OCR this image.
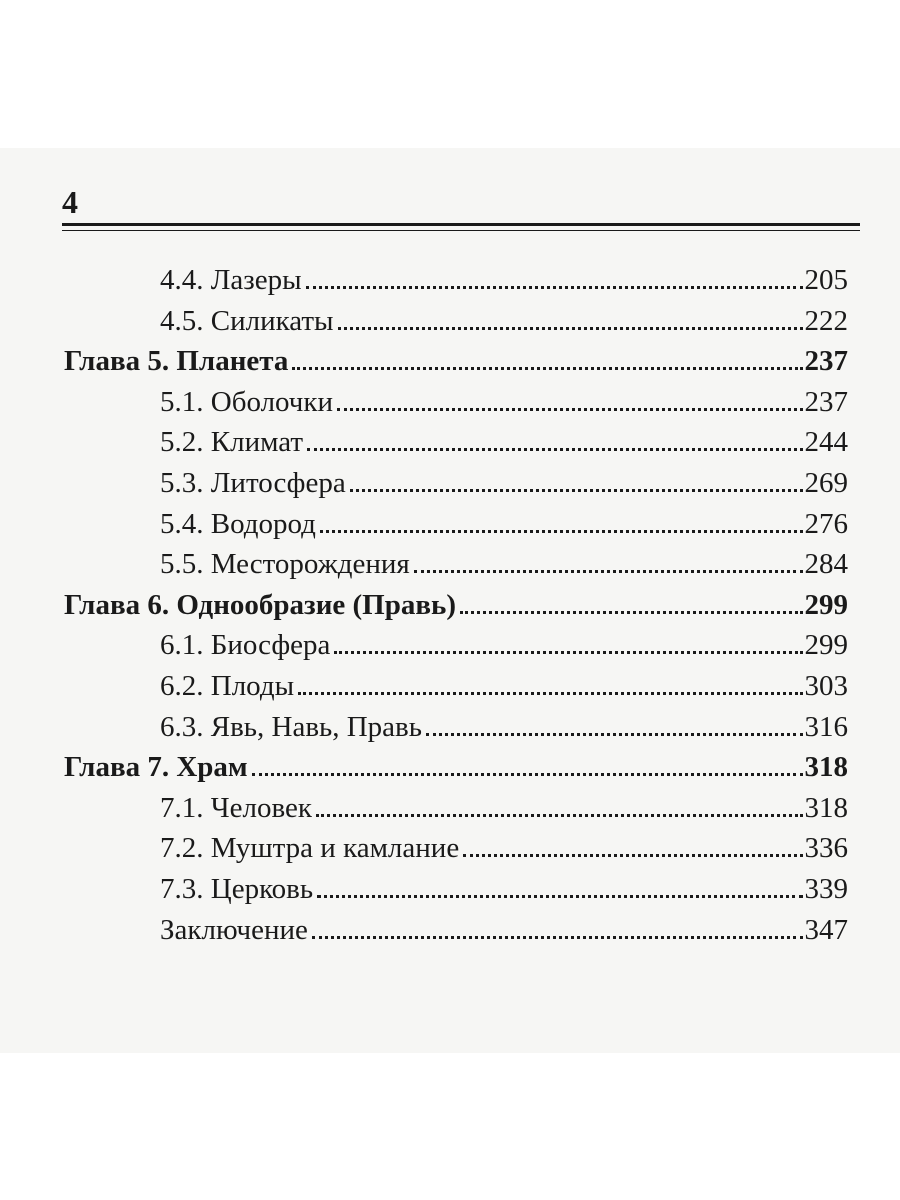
4
4.4. Лазеры	205
4.5. Силикаты	222
Глава 5. Планета	237
5.1. Оболочки	237
5.2. Климат	244
5.3. Литосфера	269
5.4. Водород	276
5.5. Месторождения	284
Глава 6. Однообразие (Правь)	299
6.1. Биосфера	299
6.2. Плоды	303
6.3. Явь, Навь, Правь	316
Глава 7. Храм	318
7.1. Человек	318
7.2. Муштра и камлание	336
7.3. Церковь	339
Заключение	347
